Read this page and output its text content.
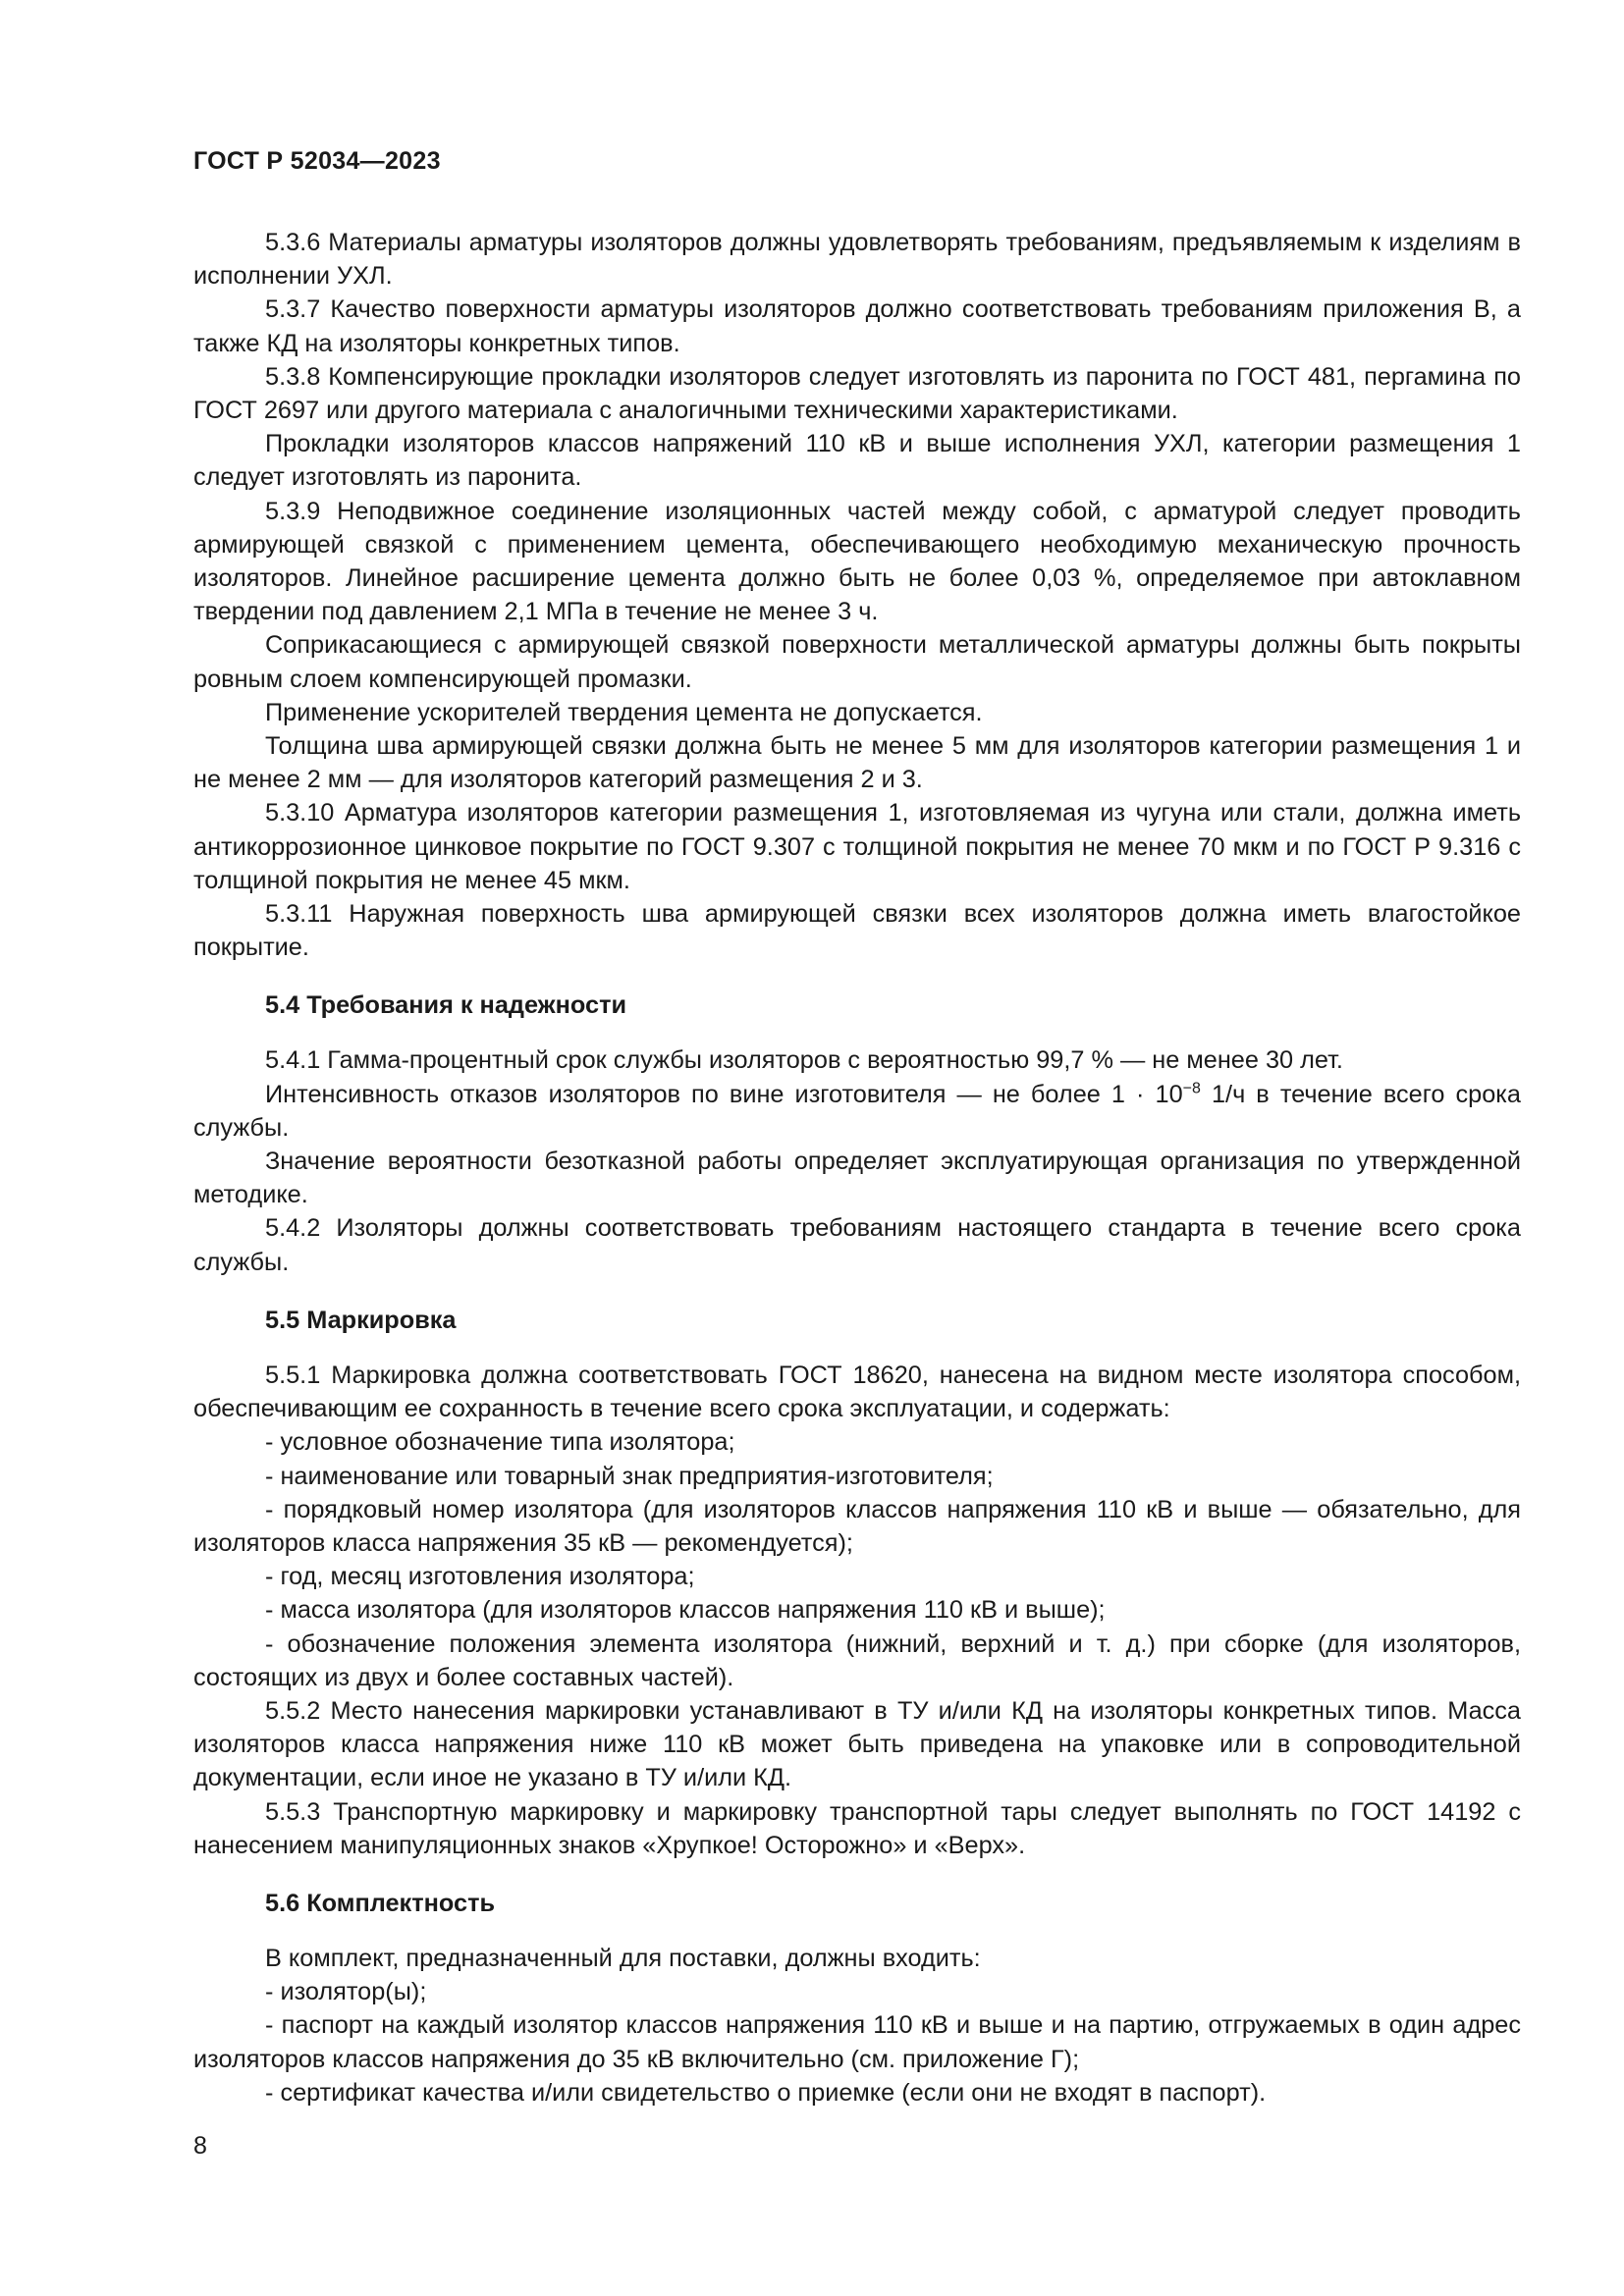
ГОСТ Р 52034—2023

5.3.6 Материалы арматуры изоляторов должны удовлетворять требованиям, предъявляемым к изделиям в исполнении УХЛ.

5.3.7 Качество поверхности арматуры изоляторов должно соответствовать требованиям приложения В, а также КД на изоляторы конкретных типов.

5.3.8 Компенсирующие прокладки изоляторов следует изготовлять из паронита по ГОСТ 481, пергамина по ГОСТ 2697 или другого материала с аналогичными техническими характеристиками.

Прокладки изоляторов классов напряжений 110 кВ и выше исполнения УХЛ, категории размещения 1 следует изготовлять из паронита.

5.3.9 Неподвижное соединение изоляционных частей между собой, с арматурой следует проводить армирующей связкой с применением цемента, обеспечивающего необходимую механическую прочность изоляторов. Линейное расширение цемента должно быть не более 0,03 %, определяемое при автоклавном твердении под давлением 2,1 МПа в течение не менее 3 ч.

Соприкасающиеся с армирующей связкой поверхности металлической арматуры должны быть покрыты ровным слоем компенсирующей промазки.

Применение ускорителей твердения цемента не допускается.

Толщина шва армирующей связки должна быть не менее 5 мм для изоляторов категории размещения 1 и не менее 2 мм — для изоляторов категорий размещения 2 и 3.

5.3.10 Арматура изоляторов категории размещения 1, изготовляемая из чугуна или стали, должна иметь антикоррозионное цинковое покрытие по ГОСТ 9.307 с толщиной покрытия не менее 70 мкм и по ГОСТ Р 9.316 с толщиной покрытия не менее 45 мкм.

5.3.11 Наружная поверхность шва армирующей связки всех изоляторов должна иметь влагостойкое покрытие.

5.4 Требования к надежности

5.4.1 Гамма-процентный срок службы изоляторов с вероятностью 99,7 % — не менее 30 лет.

Интенсивность отказов изоляторов по вине изготовителя — не более $1 \cdot 10^{-8}$ 1/ч в течение всего срока службы.

Значение вероятности безотказной работы определяет эксплуатирующая организация по утвержденной методике.

5.4.2 Изоляторы должны соответствовать требованиям настоящего стандарта в течение всего срока службы.

5.5 Маркировка

5.5.1 Маркировка должна соответствовать ГОСТ 18620, нанесена на видном месте изолятора способом, обеспечивающим ее сохранность в течение всего срока эксплуатации, и содержать:

- условное обозначение типа изолятора;

- наименование или товарный знак предприятия-изготовителя;

- порядковый номер изолятора (для изоляторов классов напряжения 110 кВ и выше — обязательно, для изоляторов класса напряжения 35 кВ — рекомендуется);

- год, месяц изготовления изолятора;

- масса изолятора (для изоляторов классов напряжения 110 кВ и выше);

- обозначение положения элемента изолятора (нижний, верхний и т. д.) при сборке (для изоляторов, состоящих из двух и более составных частей).

5.5.2 Место нанесения маркировки устанавливают в ТУ и/или КД на изоляторы конкретных типов. Масса изоляторов класса напряжения ниже 110 кВ может быть приведена на упаковке или в сопроводительной документации, если иное не указано в ТУ и/или КД.

5.5.3 Транспортную маркировку и маркировку транспортной тары следует выполнять по ГОСТ 14192 с нанесением манипуляционных знаков «Хрупкое! Осторожно» и «Верх».

5.6 Комплектность

В комплект, предназначенный для поставки, должны входить:

- изолятор(ы);

- паспорт на каждый изолятор классов напряжения 110 кВ и выше и на партию, отгружаемых в один адрес изоляторов классов напряжения до 35 кВ включительно (см. приложение Г);

- сертификат качества и/или свидетельство о приемке (если они не входят в паспорт).

8
